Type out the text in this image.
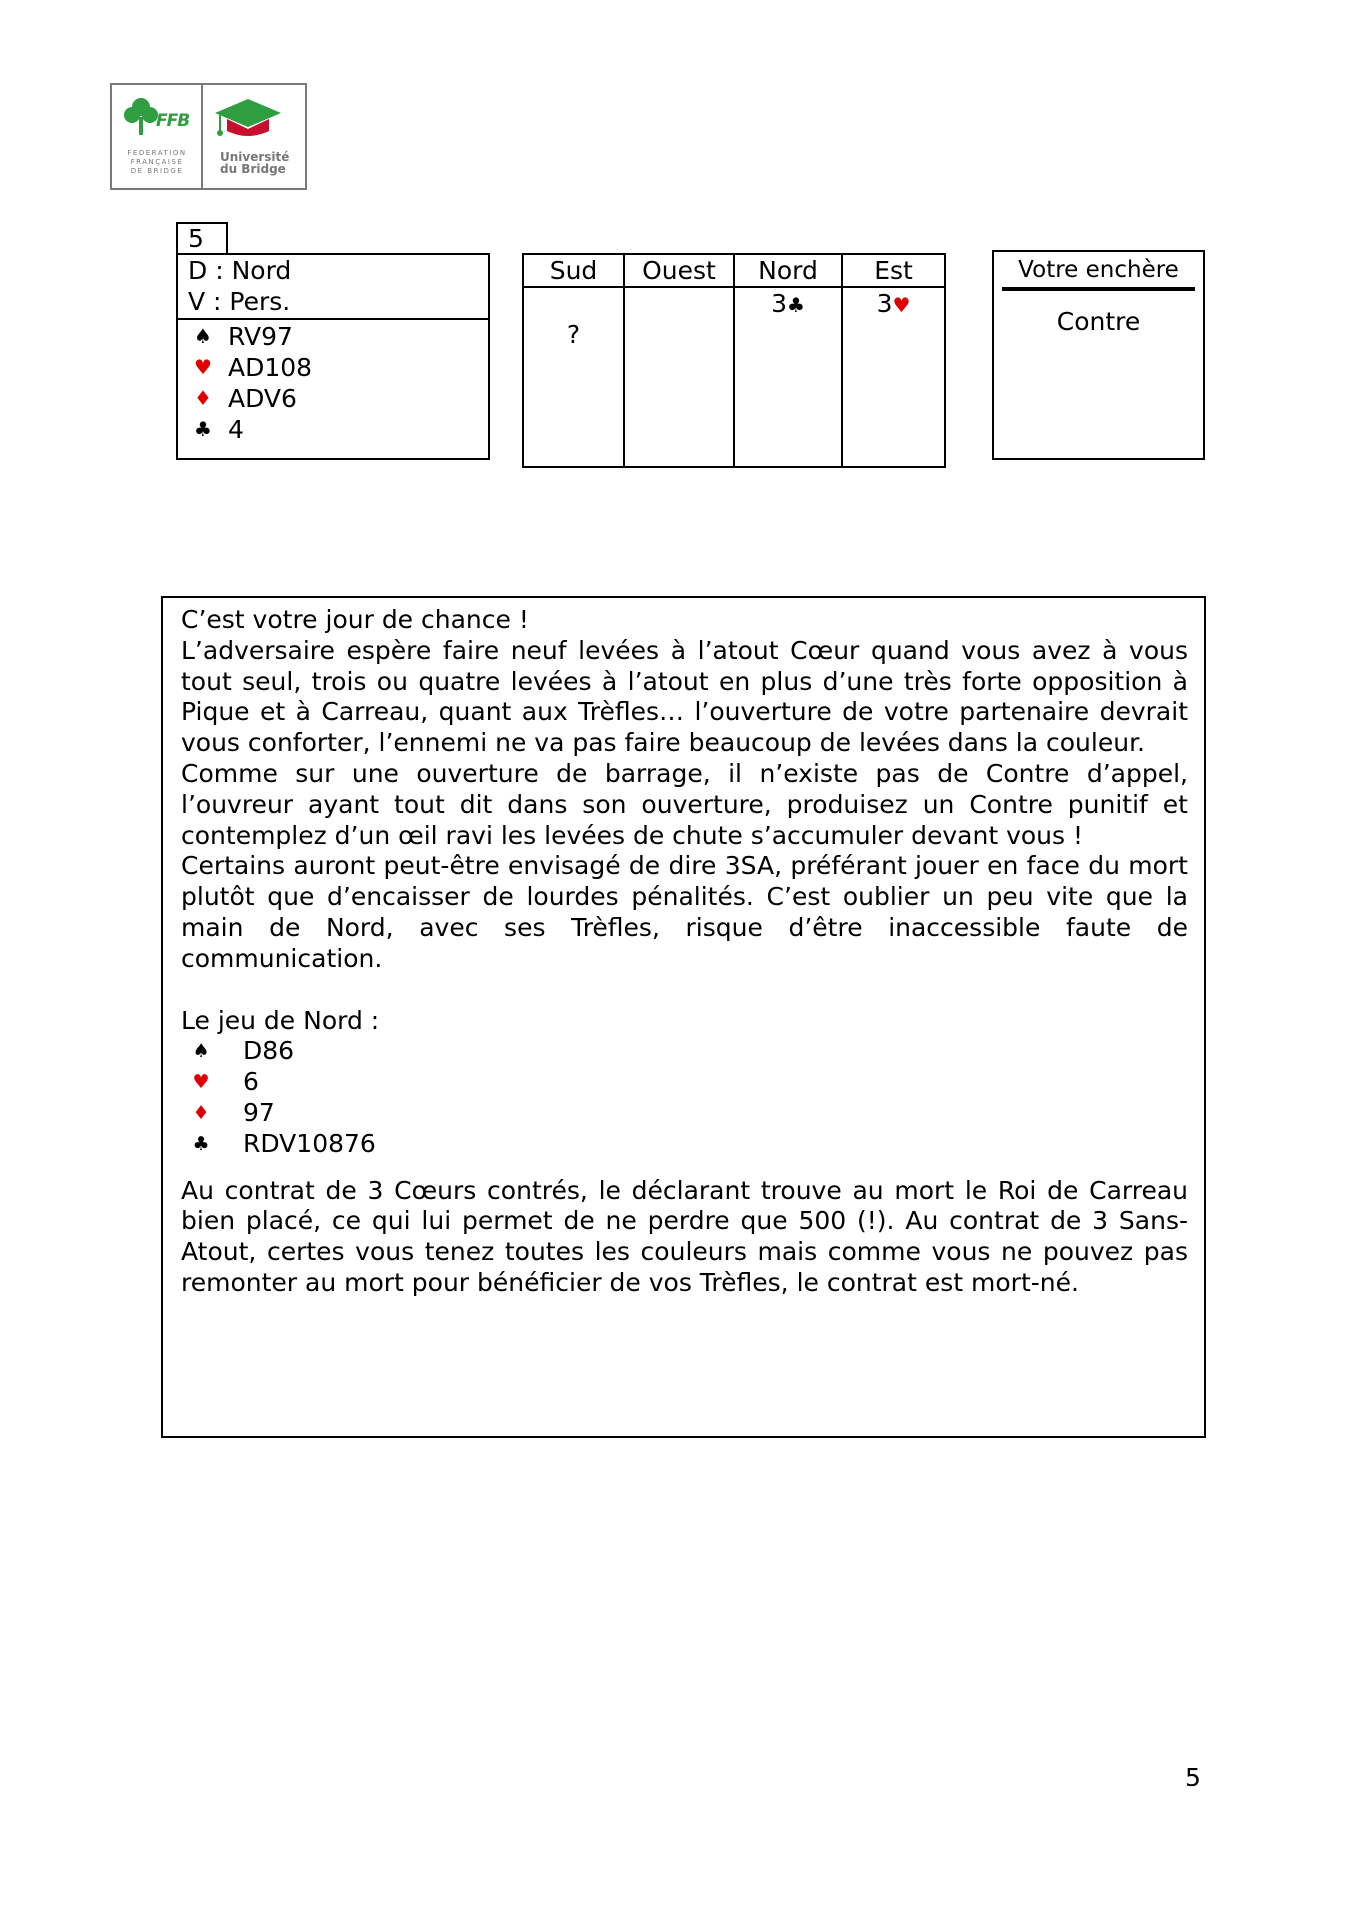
FFB
FEDERATION
FRANÇAISE
DE BRIDGE
Université
du Bridge
5
D : Nord
V : Pers.
♠ RV97
♥ AD108
♦ ADV6
♣ 4
Sud	Ouest	Nord	Est

?		3♣	3♥
Votre enchère
Contre

C’est votre jour de chance !

L’adversaire espère faire neuf levées à l’atout Cœur quand vous avez à vous tout seul, trois ou quatre levées à l’atout en plus d’une très forte opposition à Pique et à Carreau, quant aux Trèfles… l’ouverture de votre partenaire devrait vous conforter, l’ennemi ne va pas faire beaucoup de levées dans la couleur.

Comme sur une ouverture de barrage, il n’existe pas de Contre d’appel, l’ouvreur ayant tout dit dans son ouverture, produisez un Contre punitif et contemplez d’un œil ravi les levées de chute s’accumuler devant vous !

Certains auront peut-être envisagé de dire 3SA, préférant jouer en face du mort plutôt que d’encaisser de lourdes pénalités. C’est oublier un peu vite que la main de Nord, avec ses Trèfles, risque d’être inaccessible faute de communication.

Le jeu de Nord :

♠	D86
♥	6
♦	97
♣	RDV10876

Au contrat de 3 Cœurs contrés, le déclarant trouve au mort le Roi de Carreau bien placé, ce qui lui permet de ne perdre que 500 (!). Au contrat de 3 Sans-Atout, certes vous tenez toutes les couleurs mais comme vous ne pouvez pas remonter au mort pour bénéficier de vos Trèfles, le contrat est mort-né.

5
